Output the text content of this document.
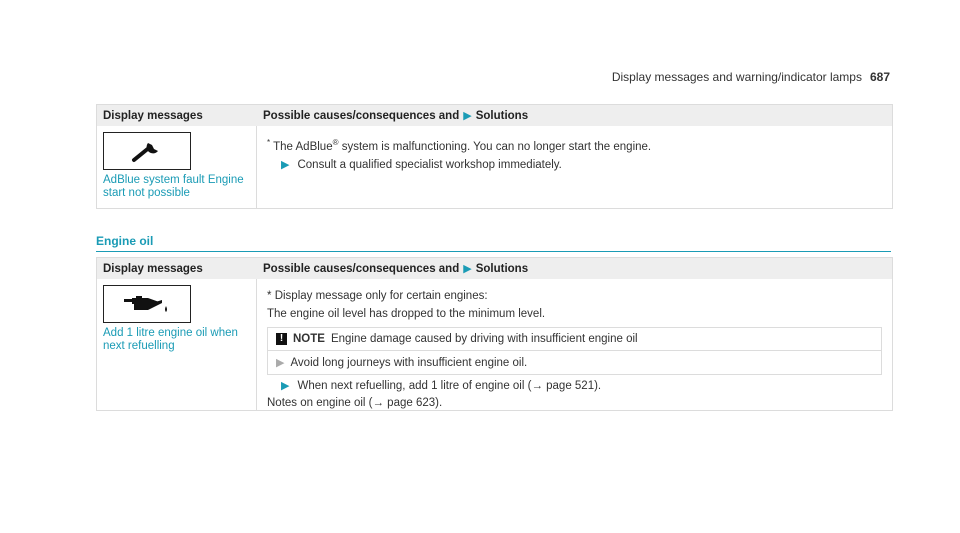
Display messages and warning/indicator lamps 687
Display messages	Possible causes/consequences and ▶ Solutions
AdBlue system fault Engine start not possible
* The AdBlue® system is malfunctioning. You can no longer start the engine.
▶ Consult a qualified specialist workshop immediately.
Engine oil
Display messages	Possible causes/consequences and ▶ Solutions
Add 1 litre engine oil when next refuelling
* Display message only for certain engines:
The engine oil level has dropped to the minimum level.
! NOTE Engine damage caused by driving with insufficient engine oil
▶ Avoid long journeys with insufficient engine oil.
▶ When next refuelling, add 1 litre of engine oil (→ page 521).
Notes on engine oil (→ page 623).
